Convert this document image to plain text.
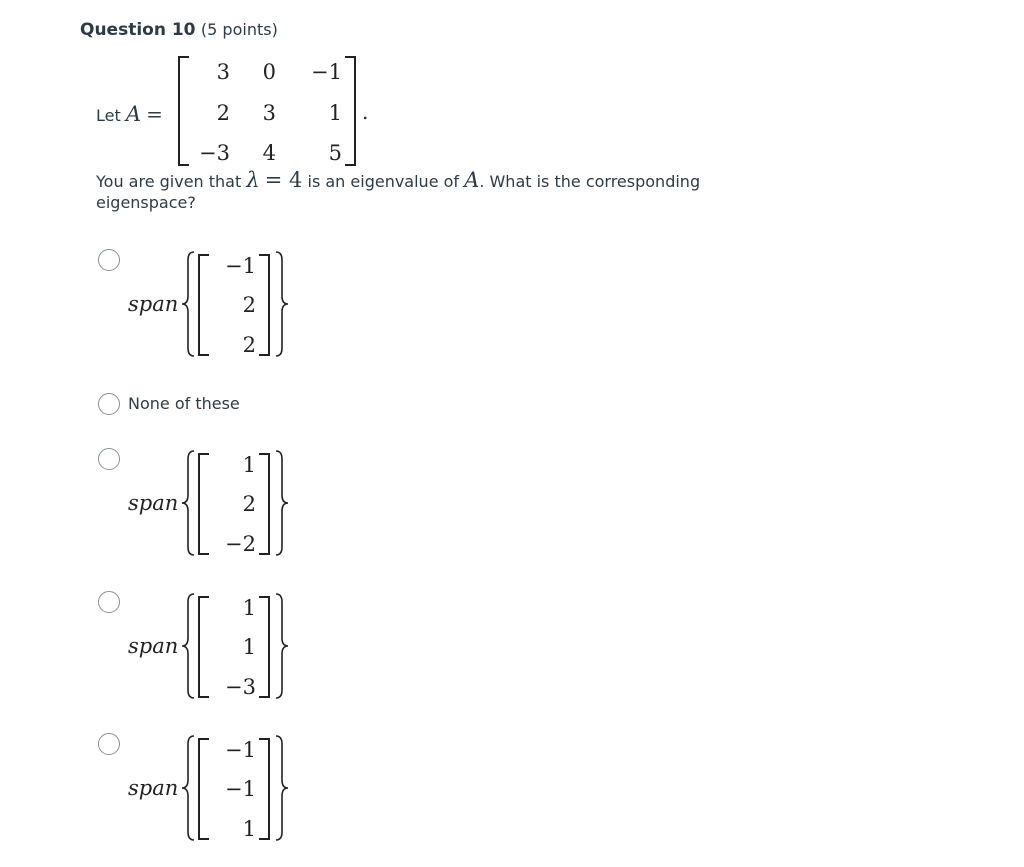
Question 10 (5 points)
Let A =
3	0	−1
2	3	1
−3	4	5
.
You are given that λ = 4 is an eigenvalue of A. What is the corresponding
eigenspace?
span
−1
2
2
None of these
span
1
2
−2
span
1
1
−3
span
−1
−1
1
